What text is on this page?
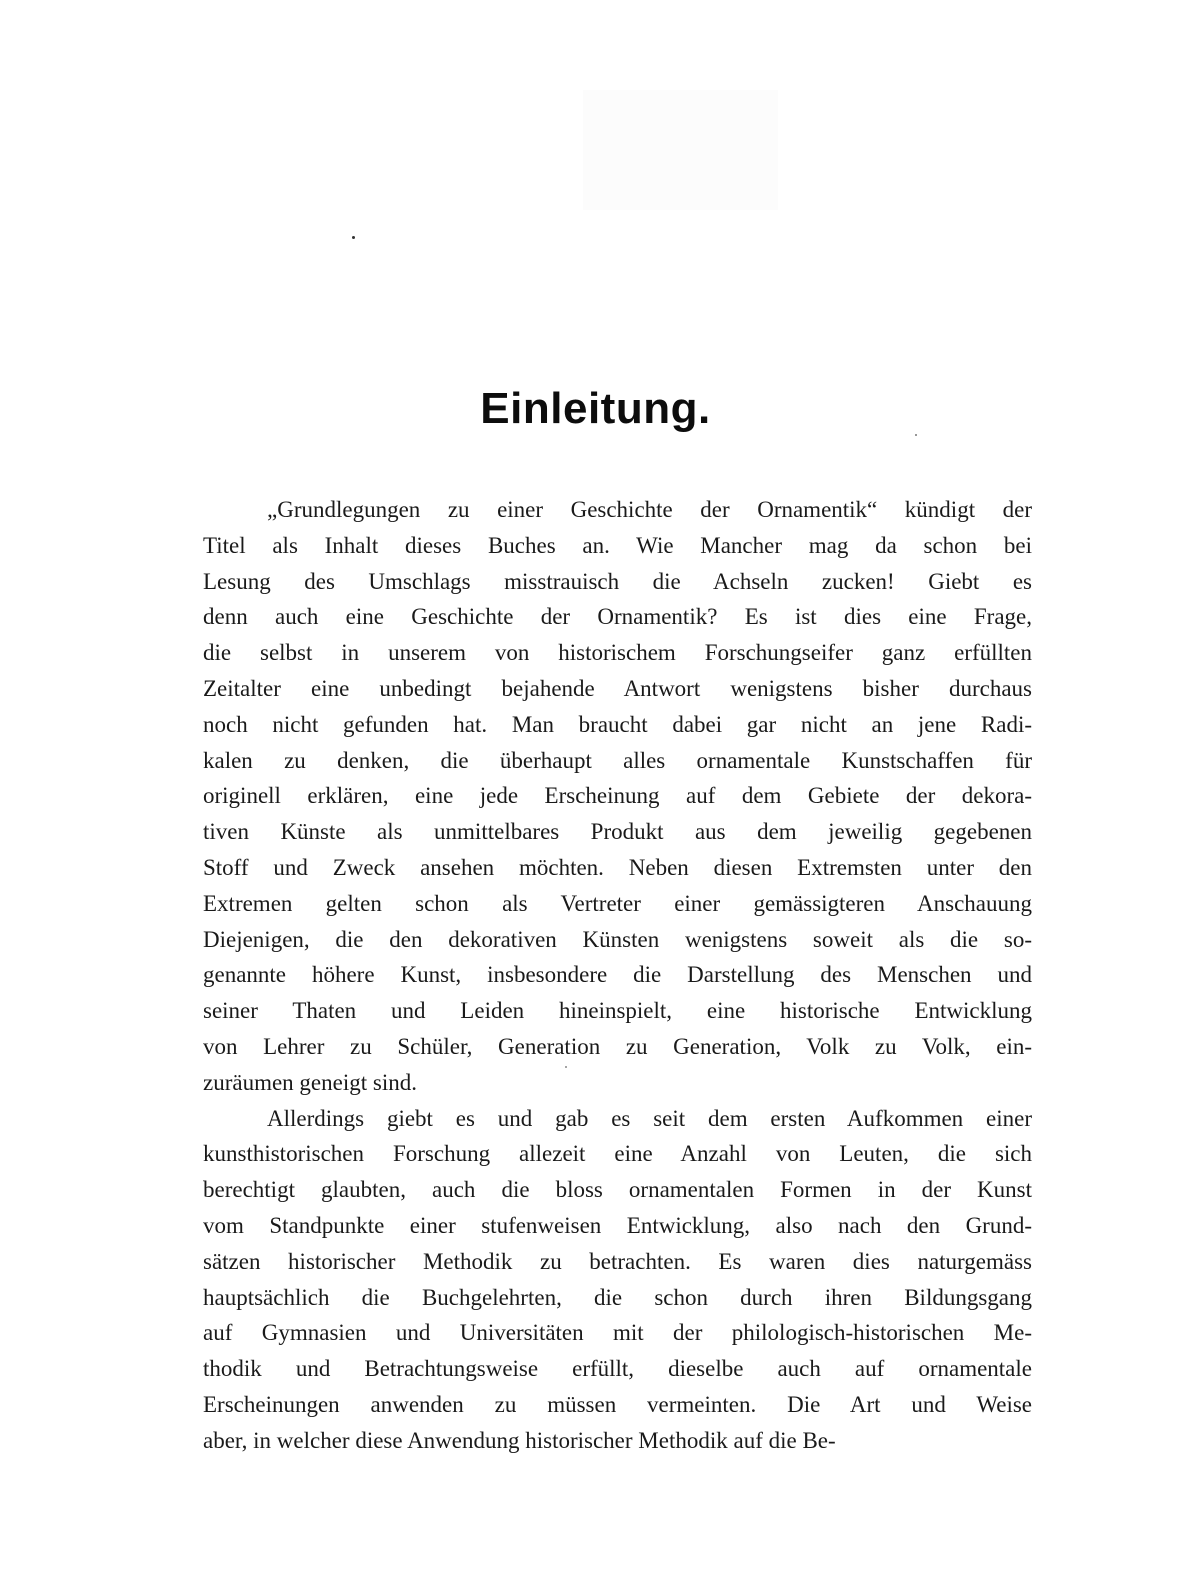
Einleitung.
„Grundlegungen zu einer Geschichte der Ornamentik“ kündigt der
Titel als Inhalt dieses Buches an. Wie Mancher mag da schon bei
Lesung des Umschlags misstrauisch die Achseln zucken! Giebt es
denn auch eine Geschichte der Ornamentik? Es ist dies eine Frage,
die selbst in unserem von historischem Forschungseifer ganz erfüllten
Zeitalter eine unbedingt bejahende Antwort wenigstens bisher durchaus
noch nicht gefunden hat. Man braucht dabei gar nicht an jene Radi-
kalen zu denken, die überhaupt alles ornamentale Kunstschaffen für
originell erklären, eine jede Erscheinung auf dem Gebiete der dekora-
tiven Künste als unmittelbares Produkt aus dem jeweilig gegebenen
Stoff und Zweck ansehen möchten. Neben diesen Extremsten unter den
Extremen gelten schon als Vertreter einer gemässigteren Anschauung
Diejenigen, die den dekorativen Künsten wenigstens soweit als die so-
genannte höhere Kunst, insbesondere die Darstellung des Menschen und
seiner Thaten und Leiden hineinspielt, eine historische Entwicklung
von Lehrer zu Schüler, Generation zu Generation, Volk zu Volk, ein-
zuräumen geneigt sind.
Allerdings giebt es und gab es seit dem ersten Aufkommen einer
kunsthistorischen Forschung allezeit eine Anzahl von Leuten, die sich
berechtigt glaubten, auch die bloss ornamentalen Formen in der Kunst
vom Standpunkte einer stufenweisen Entwicklung, also nach den Grund-
sätzen historischer Methodik zu betrachten. Es waren dies naturgemäss
hauptsächlich die Buchgelehrten, die schon durch ihren Bildungsgang
auf Gymnasien und Universitäten mit der philologisch-historischen Me-
thodik und Betrachtungsweise erfüllt, dieselbe auch auf ornamentale
Erscheinungen anwenden zu müssen vermeinten. Die Art und Weise
aber, in welcher diese Anwendung historischer Methodik auf die Be-
